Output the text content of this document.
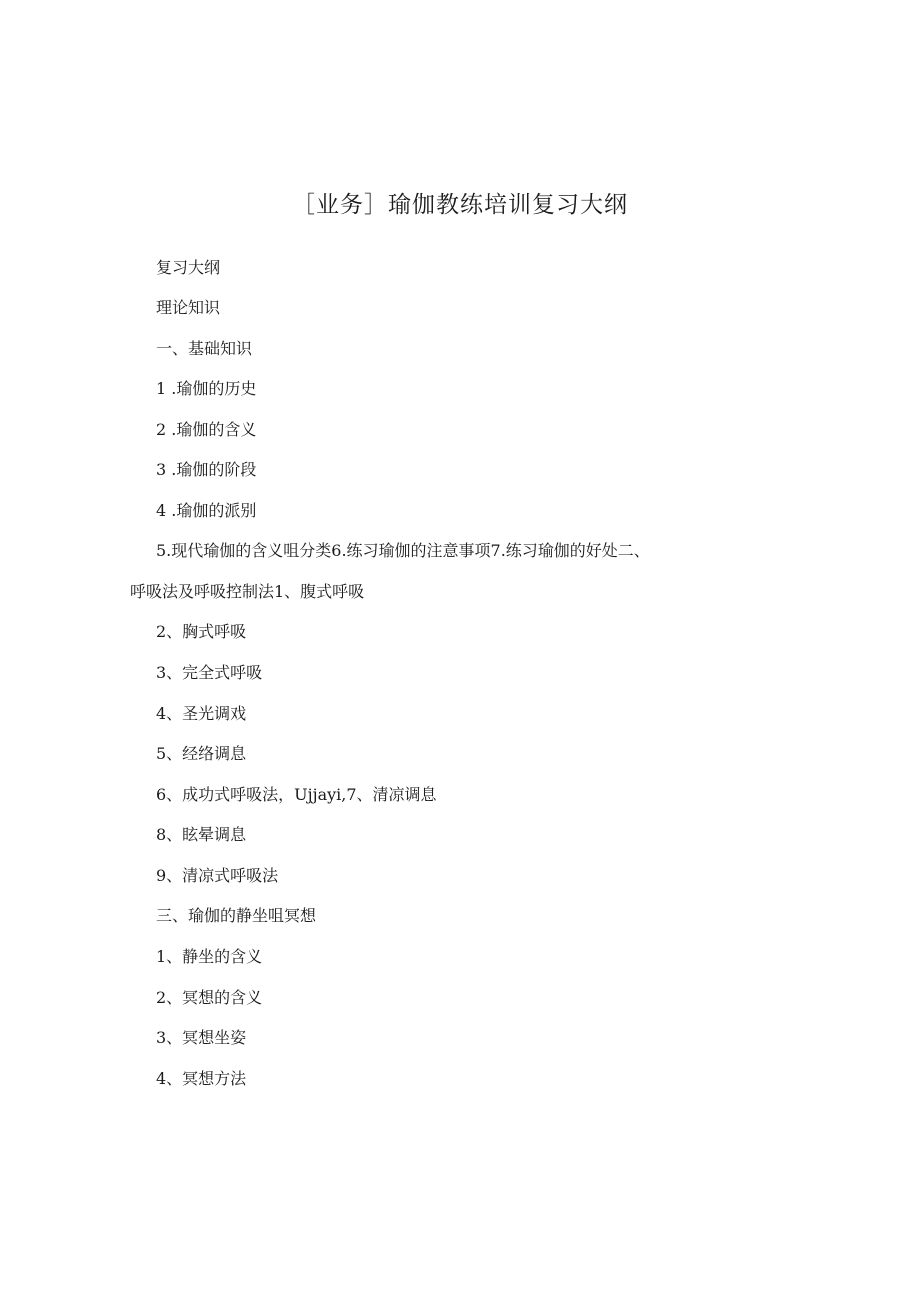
［业务］瑜伽教练培训复习大纲

复习大纲

理论知识

一、基础知识

1 .瑜伽的历史

2 .瑜伽的含义

3 .瑜伽的阶段

4 .瑜伽的派别

5.现代瑜伽的含义咀分类6.练习瑜伽的注意事项7.练习瑜伽的好处二、

呼吸法及呼吸控制法1、腹式呼吸

2、胸式呼吸

3、完全式呼吸

4、圣光调戏

5、经络调息

6、成功式呼吸法，Ujjayi,7、清凉调息

8、眩晕调息

9、清凉式呼吸法

三、瑜伽的静坐咀冥想

1、静坐的含义

2、冥想的含义

3、冥想坐姿

4、冥想方法
